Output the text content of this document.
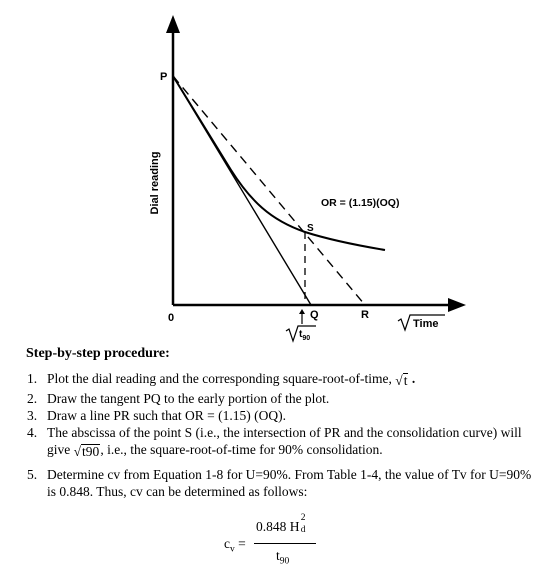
Dial reading
P
0
S
Q	R
OR = (1.15)(OQ)
Time
$t_{90}$
Step-by-step procedure:
1. Plot the dial reading and the corresponding square-root-of-time, √t .
2. Draw the tangent PQ to the early portion of the plot.
3. Draw a line PR such that OR = (1.15) (OQ).
4. The abscissa of the point S (i.e., the intersection of PR and the consolidation curve) will give √t90, i.e., the square-root-of-time for 90% consolidation.
5. Determine cv from Equation 1-8 for U=90%. From Table 1-4, the value of Tv for U=90% is 0.848. Thus, cv can be determined as follows:
$c_v$ =
0.848 H
2
d
$t_{90}$
